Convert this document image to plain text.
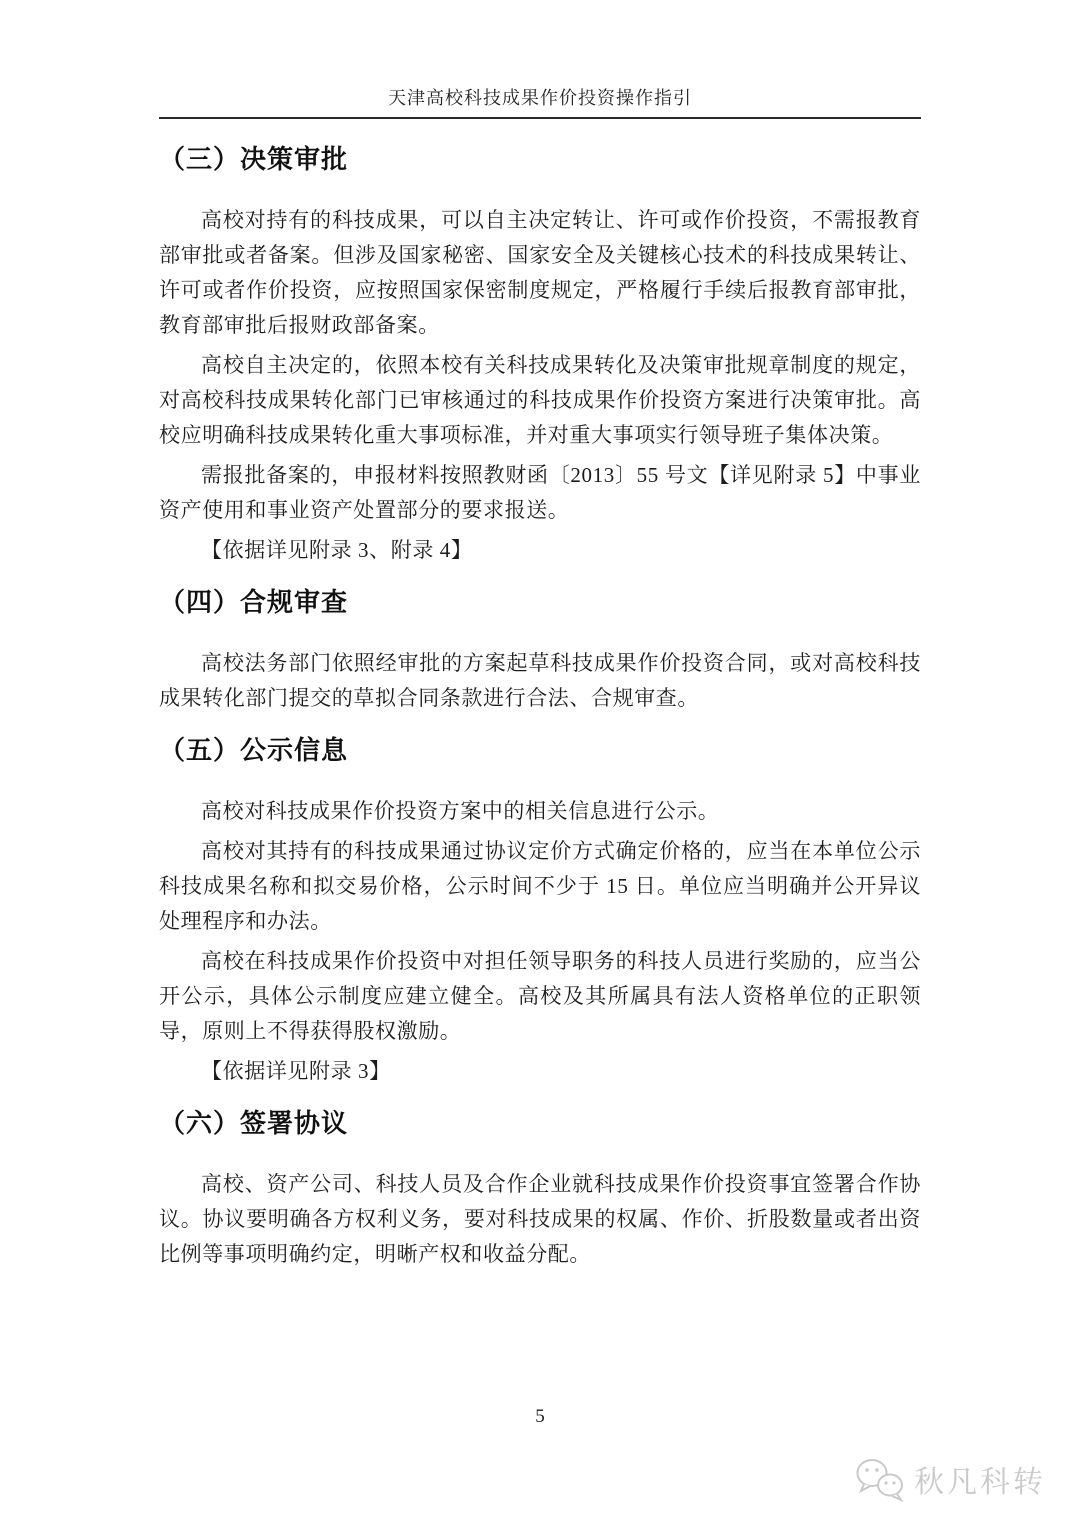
天津高校科技成果作价投资操作指引
（三）决策审批

高校对持有的科技成果，可以自主决定转让、许可或作价投资，不需报教育部审批或者备案。但涉及国家秘密、国家安全及关键核心技术的科技成果转让、许可或者作价投资，应按照国家保密制度规定，严格履行手续后报教育部审批，教育部审批后报财政部备案。

高校自主决定的，依照本校有关科技成果转化及决策审批规章制度的规定，对高校科技成果转化部门已审核通过的科技成果作价投资方案进行决策审批。高校应明确科技成果转化重大事项标准，并对重大事项实行领导班子集体决策。

需报批备案的，申报材料按照教财函〔2013〕55 号文【详见附录 5】中事业资产使用和事业资产处置部分的要求报送。

【依据详见附录 3、附录 4】

（四）合规审查

高校法务部门依照经审批的方案起草科技成果作价投资合同，或对高校科技成果转化部门提交的草拟合同条款进行合法、合规审查。

（五）公示信息

高校对科技成果作价投资方案中的相关信息进行公示。

高校对其持有的科技成果通过协议定价方式确定价格的，应当在本单位公示科技成果名称和拟交易价格，公示时间不少于 15 日。单位应当明确并公开异议处理程序和办法。

高校在科技成果作价投资中对担任领导职务的科技人员进行奖励的，应当公开公示，具体公示制度应建立健全。高校及其所属具有法人资格单位的正职领导，原则上不得获得股权激励。

【依据详见附录 3】

（六）签署协议

高校、资产公司、科技人员及合作企业就科技成果作价投资事宜签署合作协议。协议要明确各方权利义务，要对科技成果的权属、作价、折股数量或者出资比例等事项明确约定，明晰产权和收益分配。

5
秋凡科转
